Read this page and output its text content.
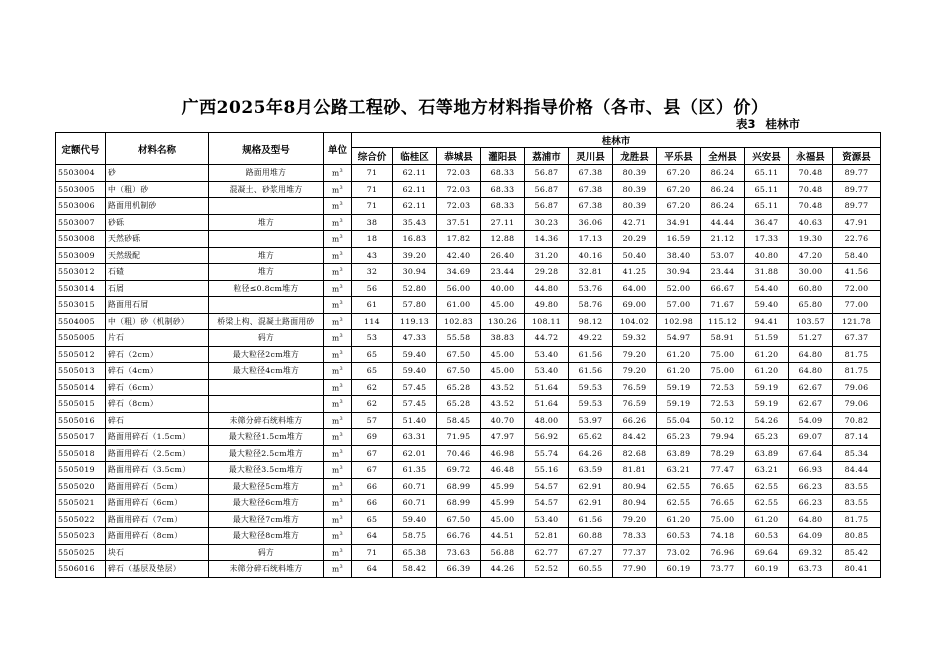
广西2025年8月公路工程砂、石等地方材料指导价格（各市、县（区）价）
表3 桂林市
定额代号	材料名称	规格及型号	单位	桂林市											
				综合价	临桂区	恭城县	灌阳县	荔浦市	灵川县	龙胜县	平乐县	全州县	兴安县	永福县	资源县
5503004	砂	路面用堆方	$m^3$	71	62.11	72.03	68.33	56.87	67.38	80.39	67.20	86.24	65.11	70.48	89.77
5503005	中（粗）砂	混凝土、砂浆用堆方	$m^3$	71	62.11	72.03	68.33	56.87	67.38	80.39	67.20	86.24	65.11	70.48	89.77
5503006	路面用机制砂		$m^3$	71	62.11	72.03	68.33	56.87	67.38	80.39	67.20	86.24	65.11	70.48	89.77
5503007	砂砾	堆方	$m^3$	38	35.43	37.51	27.11	30.23	36.06	42.71	34.91	44.44	36.47	40.63	47.91
5503008	天然砂砾		$m^3$	18	16.83	17.82	12.88	14.36	17.13	20.29	16.59	21.12	17.33	19.30	22.76
5503009	天然级配	堆方	$m^3$	43	39.20	42.40	26.40	31.20	40.16	50.40	38.40	53.07	40.80	47.20	58.40
5503012	石碴	堆方	$m^3$	32	30.94	34.69	23.44	29.28	32.81	41.25	30.94	23.44	31.88	30.00	41.56
5503014	石屑	粒径≤0.8cm堆方	$m^3$	56	52.80	56.00	40.00	44.80	53.76	64.00	52.00	66.67	54.40	60.80	72.00
5503015	路面用石屑		$m^3$	61	57.80	61.00	45.00	49.80	58.76	69.00	57.00	71.67	59.40	65.80	77.00
5504005	中（粗）砂（机制砂）	桥梁上构、混凝土路面用砂	$m^3$	114	119.13	102.83	130.26	108.11	98.12	104.02	102.98	115.12	94.41	103.57	121.78
5505005	片石	码方	$m^3$	53	47.33	55.58	38.83	44.72	49.22	59.32	54.97	58.91	51.59	51.27	67.37
5505012	碎石（2cm）	最大粒径2cm堆方	$m^3$	65	59.40	67.50	45.00	53.40	61.56	79.20	61.20	75.00	61.20	64.80	81.75
5505013	碎石（4cm）	最大粒径4cm堆方	$m^3$	65	59.40	67.50	45.00	53.40	61.56	79.20	61.20	75.00	61.20	64.80	81.75
5505014	碎石（6cm）		$m^3$	62	57.45	65.28	43.52	51.64	59.53	76.59	59.19	72.53	59.19	62.67	79.06
5505015	碎石（8cm）		$m^3$	62	57.45	65.28	43.52	51.64	59.53	76.59	59.19	72.53	59.19	62.67	79.06
5505016	碎石	未筛分碎石统料堆方	$m^3$	57	51.40	58.45	40.70	48.00	53.97	66.26	55.04	50.12	54.26	54.09	70.82
5505017	路面用碎石（1.5cm）	最大粒径1.5cm堆方	$m^3$	69	63.31	71.95	47.97	56.92	65.62	84.42	65.23	79.94	65.23	69.07	87.14
5505018	路面用碎石（2.5cm）	最大粒径2.5cm堆方	$m^3$	67	62.01	70.46	46.98	55.74	64.26	82.68	63.89	78.29	63.89	67.64	85.34
5505019	路面用碎石（3.5cm）	最大粒径3.5cm堆方	$m^3$	67	61.35	69.72	46.48	55.16	63.59	81.81	63.21	77.47	63.21	66.93	84.44
5505020	路面用碎石（5cm）	最大粒径5cm堆方	$m^3$	66	60.71	68.99	45.99	54.57	62.91	80.94	62.55	76.65	62.55	66.23	83.55
5505021	路面用碎石（6cm）	最大粒径6cm堆方	$m^3$	66	60.71	68.99	45.99	54.57	62.91	80.94	62.55	76.65	62.55	66.23	83.55
5505022	路面用碎石（7cm）	最大粒径7cm堆方	$m^3$	65	59.40	67.50	45.00	53.40	61.56	79.20	61.20	75.00	61.20	64.80	81.75
5505023	路面用碎石（8cm）	最大粒径8cm堆方	$m^3$	64	58.75	66.76	44.51	52.81	60.88	78.33	60.53	74.18	60.53	64.09	80.85
5505025	块石	码方	$m^3$	71	65.38	73.63	56.88	62.77	67.27	77.37	73.02	76.96	69.64	69.32	85.42
5506016	碎石（基层及垫层）	未筛分碎石统料堆方	$m^3$	64	58.42	66.39	44.26	52.52	60.55	77.90	60.19	73.77	60.19	63.73	80.41
